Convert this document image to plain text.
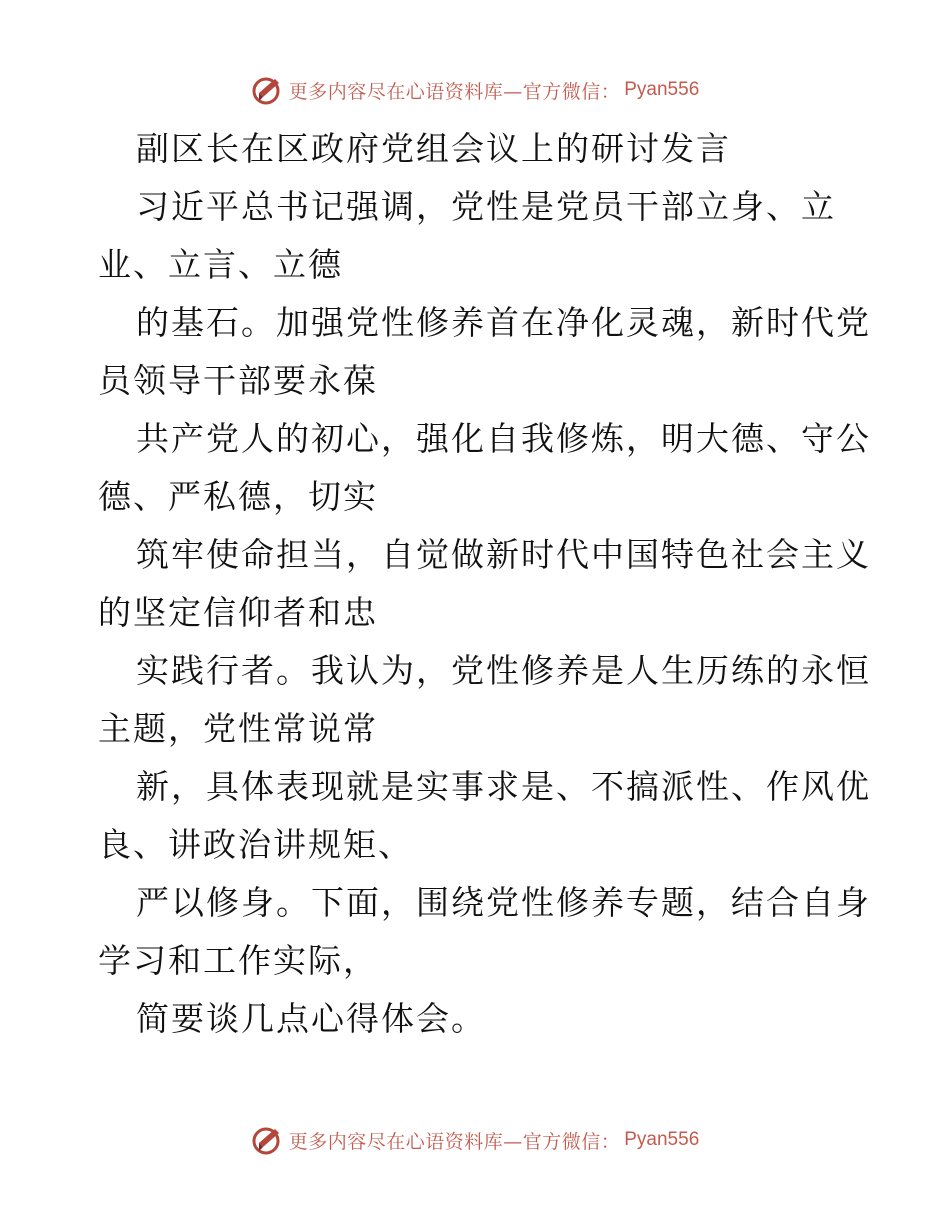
更多内容尽在心语资料库—官方微信： Pyan556
副区长在区政府党组会议上的研讨发言
习近平总书记强调，党性是党员干部立身、立
业、立言、立德
的基石。加强党性修养首在净化灵魂，新时代党
员领导干部要永葆
共产党人的初心，强化自我修炼，明大德、守公
德、严私德，切实
筑牢使命担当，自觉做新时代中国特色社会主义
的坚定信仰者和忠
实践行者。我认为，党性修养是人生历练的永恒
主题，党性常说常
新，具体表现就是实事求是、不搞派性、作风优
良、讲政治讲规矩、
严以修身。下面，围绕党性修养专题，结合自身
学习和工作实际，
简要谈几点心得体会。
更多内容尽在心语资料库—官方微信： Pyan556
